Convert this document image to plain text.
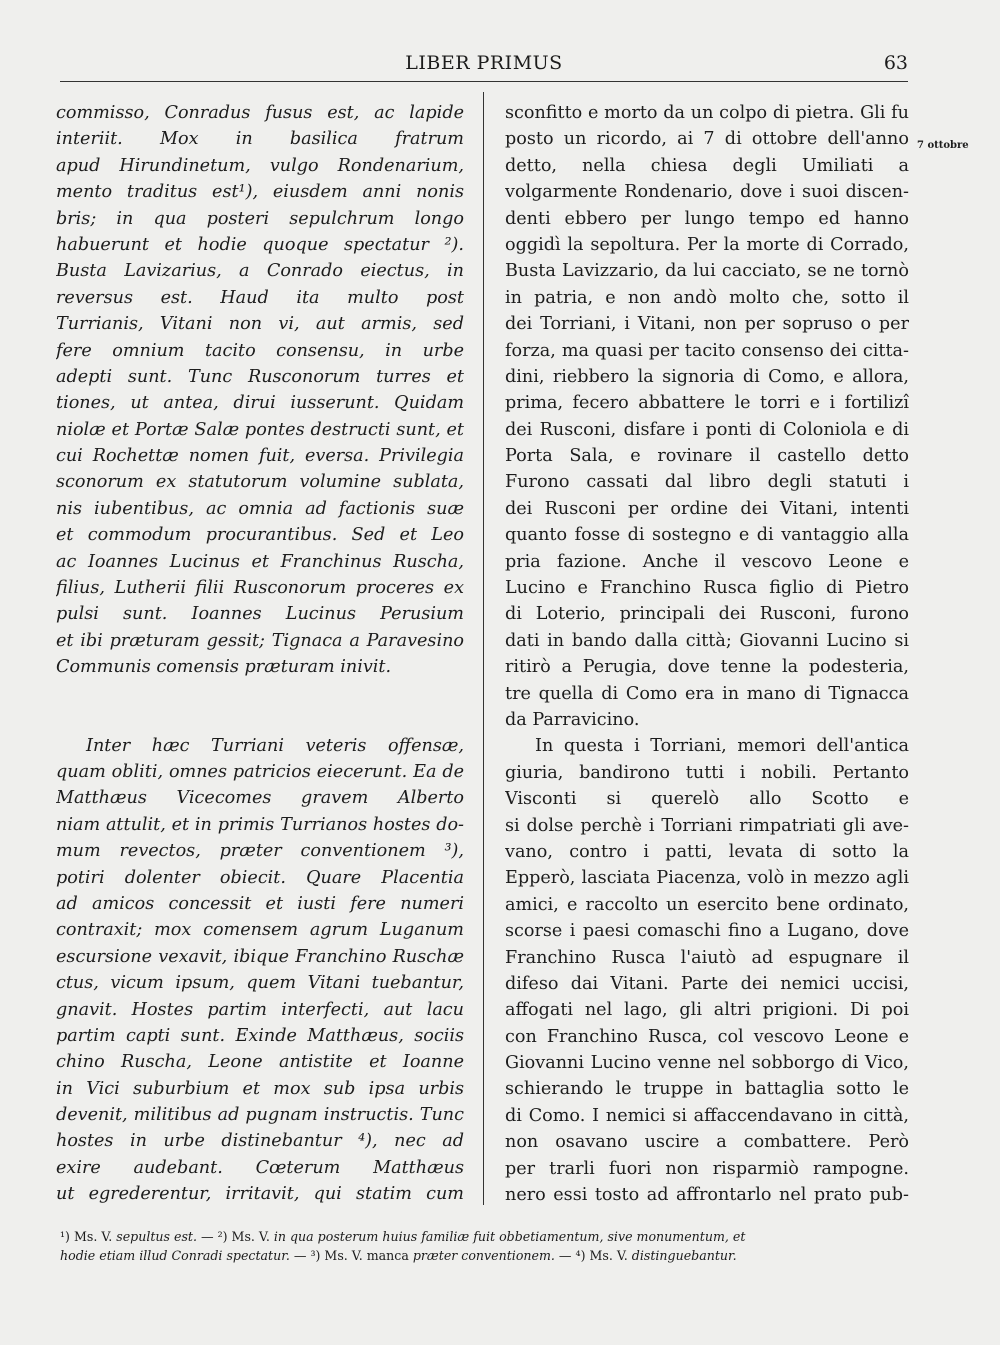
LIBER PRIMUS	63
commisso, Conradus fusus est, ac lapide
interiit. Mox in basilica fratrum
apud Hirundinetum, vulgo Rondenarium,
mento traditus est¹), eiusdem anni nonis
bris; in qua posteri sepulchrum longo
habuerunt et hodie quoque spectatur ²).
Busta Lavizarius, a Conrado eiectus, in
reversus est. Haud ita multo post
Turrianis, Vitani non vi, aut armis, sed
fere omnium tacito consensu, in urbe
adepti sunt. Tunc Rusconorum turres et
tiones, ut antea, dirui iusserunt. Quidam
niolæ et Portæ Salæ pontes destructi sunt, et
cui Rochettæ nomen fuit, eversa. Privilegia
sconorum ex statutorum volumine sublata,
nis iubentibus, ac omnia ad factionis suæ
et commodum procurantibus. Sed et Leo
ac Ioannes Lucinus et Franchinus Ruscha,
filius, Lutherii filii Rusconorum proceres ex
pulsi sunt. Ioannes Lucinus Perusium
et ibi præturam gessit; Tignaca a Paravesino
Communis comensis præturam inivit.
Inter hæc Turriani veteris offensæ,
quam obliti, omnes patricios eiecerunt. Ea de
Matthæus Vicecomes gravem Alberto
niam attulit, et in primis Turrianos hostes do-
mum revectos, præter conventionem ³),
potiri dolenter obiecit. Quare Placentia
ad amicos concessit et iusti fere numeri
contraxit; mox comensem agrum Luganum
escursione vexavit, ibique Franchino Ruschæ
ctus, vicum ipsum, quem Vitani tuebantur,
gnavit. Hostes partim interfecti, aut lacu
partim capti sunt. Exinde Matthæus, sociis
chino Ruscha, Leone antistite et Ioanne
in Vici suburbium et mox sub ipsa urbis
devenit, militibus ad pugnam instructis. Tunc
hostes in urbe distinebantur ⁴), nec ad
exire audebant. Cœterum Matthæus
ut egrederentur, irritavit, qui statim cum
sconfitto e morto da un colpo di pietra. Gli fu
posto un ricordo, ai 7 di ottobre dell'anno
detto, nella chiesa degli Umiliati a
volgarmente Rondenario, dove i suoi discen-
denti ebbero per lungo tempo ed hanno
oggidì la sepoltura. Per la morte di Corrado,
Busta Lavizzario, da lui cacciato, se ne tornò
in patria, e non andò molto che, sotto il
dei Torriani, i Vitani, non per sopruso o per
forza, ma quasi per tacito consenso dei citta-
dini, riebbero la signoria di Como, e allora,
prima, fecero abbattere le torri e i fortilizî
dei Rusconi, disfare i ponti di Coloniola e di
Porta Sala, e rovinare il castello detto
Furono cassati dal libro degli statuti i
dei Rusconi per ordine dei Vitani, intenti
quanto fosse di sostegno e di vantaggio alla
pria fazione. Anche il vescovo Leone e
Lucino e Franchino Rusca figlio di Pietro
di Loterio, principali dei Rusconi, furono
dati in bando dalla città; Giovanni Lucino si
ritirò a Perugia, dove tenne la podesteria,
tre quella di Como era in mano di Tignacca
da Parravicino.
In questa i Torriani, memori dell'antica
giuria, bandirono tutti i nobili. Pertanto
Visconti si querelò allo Scotto e
si dolse perchè i Torriani rimpatriati gli ave-
vano, contro i patti, levata di sotto la
Epperò, lasciata Piacenza, volò in mezzo agli
amici, e raccolto un esercito bene ordinato,
scorse i paesi comaschi fino a Lugano, dove
Franchino Rusca l'aiutò ad espugnare il
difeso dai Vitani. Parte dei nemici uccisi,
affogati nel lago, gli altri prigioni. Di poi
con Franchino Rusca, col vescovo Leone e
Giovanni Lucino venne nel sobborgo di Vico,
schierando le truppe in battaglia sotto le
di Como. I nemici si affaccendavano in città,
non osavano uscire a combattere. Però
per trarli fuori non risparmiò rampogne.
nero essi tosto ad affrontarlo nel prato pub-
7 ottobre
¹) Ms. V. sepultus est. — ²) Ms. V. in qua posterum huius familiæ fuit obbetiamentum, sive monumentum, et
hodie etiam illud Conradi spectatur. — ³) Ms. V. manca præter conventionem. — ⁴) Ms. V. distinguebantur.
